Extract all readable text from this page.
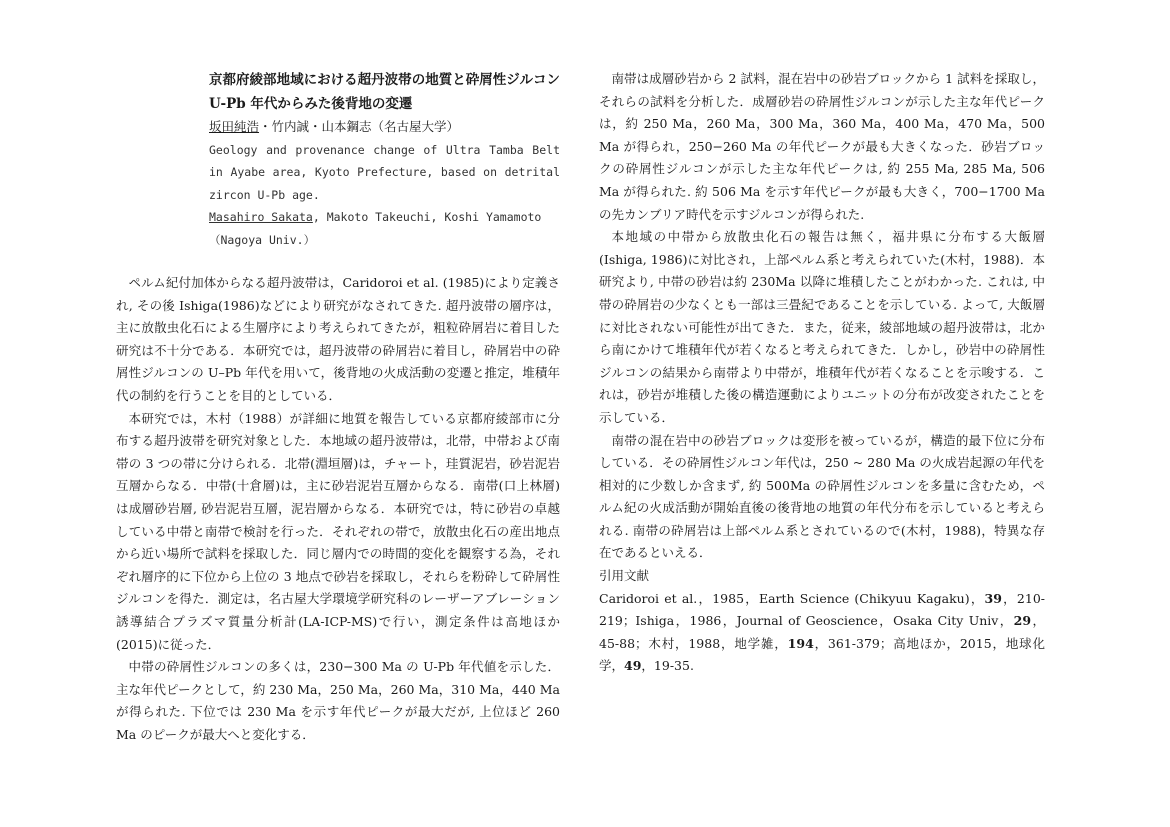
京都府綾部地域における超丹波帯の地質と砕屑性ジルコンU-Pb 年代からみた後背地の変遷
坂田純浩・竹内誠・山本鋼志（名古屋大学）
Geology and provenance change of Ultra Tamba Belt in Ayabe area, Kyoto Prefecture, based on detrital zircon U-Pb age.
Masahiro Sakata, Makoto Takeuchi, Koshi Yamamoto
（Nagoya Univ.）

ペルム紀付加体からなる超丹波帯は，Caridoroi et al. (1985)により定義され, その後 Ishiga(1986)などにより研究がなされてきた. 超丹波帯の層序は，主に放散虫化石による生層序により考えられてきたが，粗粒砕屑岩に着目した研究は不十分である．本研究では，超丹波帯の砕屑岩に着目し，砕屑岩中の砕屑性ジルコンの U–Pb 年代を用いて，後背地の火成活動の変遷と推定，堆積年代の制約を行うことを目的としている．

本研究では，木村（1988）が詳細に地質を報告している京都府綾部市に分布する超丹波帯を研究対象とした．本地域の超丹波帯は，北帯，中帯および南帯の 3 つの帯に分けられる．北帯(淵垣層)は，チャート，珪質泥岩，砂岩泥岩互層からなる．中帯(十倉層)は，主に砂岩泥岩互層からなる．南帯(口上林層)は成層砂岩層, 砂岩泥岩互層，泥岩層からなる．本研究では，特に砂岩の卓越している中帯と南帯で検討を行った．それぞれの帯で，放散虫化石の産出地点から近い場所で試料を採取した．同じ層内での時間的変化を観察する為，それぞれ層序的に下位から上位の 3 地点で砂岩を採取し，それらを粉砕して砕屑性ジルコンを得た．測定は，名古屋大学環境学研究科のレーザーアブレーション誘導結合プラズマ質量分析計(LA-ICP-MS)で行い，測定条件は高地ほか(2015)に従った．

中帯の砕屑性ジルコンの多くは，230−300 Ma の U-Pb 年代値を示した．主な年代ピークとして，約 230 Ma，250 Ma，260 Ma，310 Ma，440 Ma が得られた. 下位では 230 Ma を示す年代ピークが最大だが, 上位ほど 260 Ma のピークが最大へと変化する．

南帯は成層砂岩から 2 試料，混在岩中の砂岩ブロックから 1 試料を採取し，それらの試料を分析した．成層砂岩の砕屑性ジルコンが示した主な年代ピークは，約 250 Ma，260 Ma，300 Ma，360 Ma，400 Ma，470 Ma，500 Ma が得られ，250−260 Ma の年代ピークが最も大きくなった．砂岩ブロックの砕屑性ジルコンが示した主な年代ピークは, 約 255 Ma, 285 Ma, 506 Ma が得られた. 約 506 Ma を示す年代ピークが最も大きく，700−1700 Ma の先カンブリア時代を示すジルコンが得られた.

本地域の中帯から放散虫化石の報告は無く，福井県に分布する大飯層(Ishiga, 1986)に対比され，上部ペルム系と考えられていた(木村，1988)．本研究より, 中帯の砂岩は約 230Ma 以降に堆積したことがわかった. これは, 中帯の砕屑岩の少なくとも一部は三畳紀であることを示している. よって, 大飯層に対比されない可能性が出てきた．また，従来，綾部地域の超丹波帯は，北から南にかけて堆積年代が若くなると考えられてきた．しかし，砂岩中の砕屑性ジルコンの結果から南帯より中帯が，堆積年代が若くなることを示唆する．これは，砂岩が堆積した後の構造運動によりユニットの分布が改変されたことを示している．

南帯の混在岩中の砂岩ブロックは変形を被っているが，構造的最下位に分布している．その砕屑性ジルコン年代は，250 ~ 280 Ma の火成岩起源の年代を相対的に少数しか含まず, 約 500Ma の砕屑性ジルコンを多量に含むため，ペルム紀の火成活動が開始直後の後背地の地質の年代分布を示していると考えられる. 南帯の砕屑岩は上部ペルム系とされているので(木村，1988)，特異な存在であるといえる．

引用文献

Caridoroi et al.，1985，Earth Science (Chikyuu Kagaku)，39，210-219；Ishiga，1986，Journal of Geoscience，Osaka City Univ，29，45-88；木村，1988，地学雑，194，361-379；高地ほか，2015，地球化学，49，19-35.
